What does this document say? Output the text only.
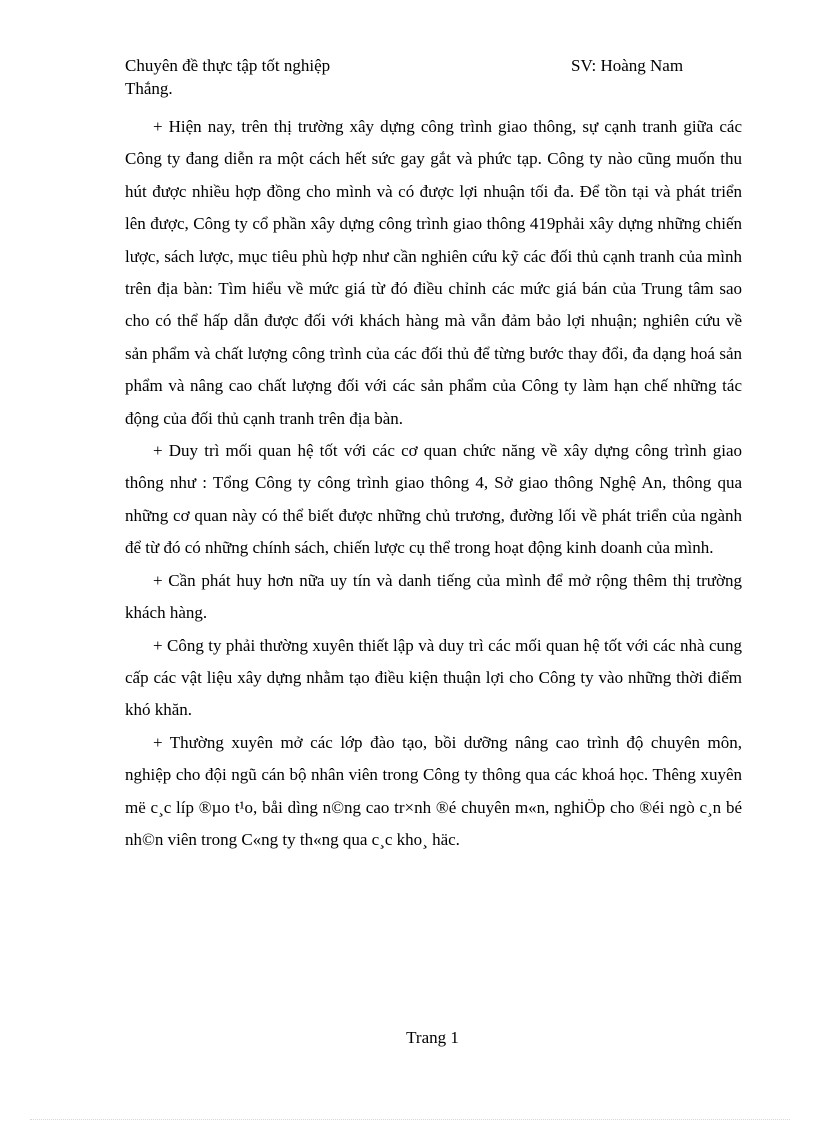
Chuyên đề thực tập tốt nghiệp	SV: Hoàng Nam
Thắng.

+ Hiện nay, trên thị trường xây dựng công trình giao thông, sự cạnh tranh giữa các Công ty đang diễn ra một cách hết sức gay gắt và phức tạp. Công ty nào cũng muốn thu hút được nhiều hợp đồng cho mình và có được lợi nhuận tối đa. Để tồn tại và phát triển lên được, Công ty cổ phần xây dựng công trình giao thông 419phải xây dựng những chiến lược, sách lược, mục tiêu phù hợp như cần nghiên cứu kỹ các đối thủ cạnh tranh của mình trên địa bàn: Tìm hiểu về mức giá từ đó điều chỉnh các mức giá bán của Trung tâm sao cho có thể hấp dẫn được đối với khách hàng mà vẫn đảm bảo lợi nhuận; nghiên cứu về sản phẩm và chất lượng công trình của các đối thủ để từng bước thay đổi, đa dạng hoá sản phẩm và nâng cao chất lượng đối với các sản phẩm của Công ty làm hạn chế những tác động của đối thủ cạnh tranh trên địa bàn.

+ Duy trì mối quan hệ tốt với các cơ quan chức năng về xây dựng công trình giao thông như : Tổng Công ty công trình giao thông 4, Sở giao thông Nghệ An, thông qua những cơ quan này có thể biết được những chủ trương, đường lối về phát triển của ngành để từ đó có những chính sách, chiến lược cụ thể trong hoạt động kinh doanh của mình.

+ Cần phát huy hơn nữa uy tín và danh tiếng của mình để mở rộng thêm thị trường khách hàng.

+ Công ty phải thường xuyên thiết lập và duy trì các mối quan hệ tốt với các nhà cung cấp các vật liệu xây dựng nhằm tạo điều kiện thuận lợi cho Công ty vào những thời điểm khó khăn.

+ Thường xuyên mở các lớp đào tạo, bồi dưỡng nâng cao trình độ chuyên môn, nghiệp cho đội ngũ cán bộ nhân viên trong Công ty thông qua các khoá học. Thêng xuyên më c¸c líp ®µo t¹o, båi dìng n©ng cao tr×nh ®é chuyên m«n, nghiÖp cho ®éi ngò c¸n bé nh©n viên trong C«ng ty th«ng qua c¸c kho¸ häc.

Trang 1
